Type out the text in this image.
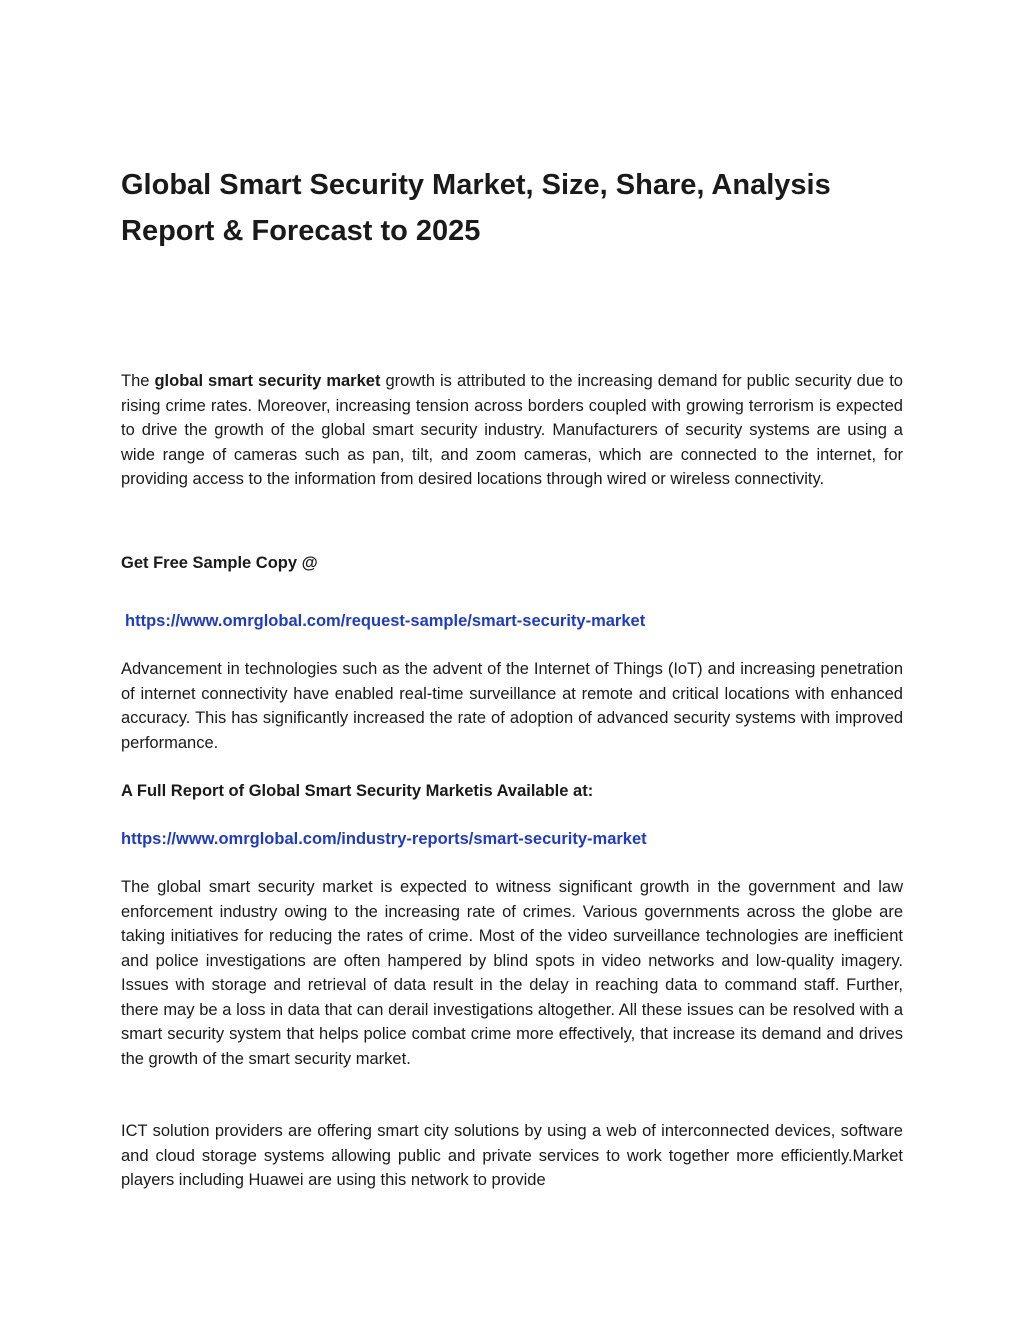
Global Smart Security Market, Size, Share, Analysis
Report & Forecast to 2025

The global smart security market growth is attributed to the increasing demand for public security due to rising crime rates. Moreover, increasing tension across borders coupled with growing terrorism is expected to drive the growth of the global smart security industry. Manufacturers of security systems are using a wide range of cameras such as pan, tilt, and zoom cameras, which are connected to the internet, for providing access to the information from desired locations through wired or wireless connectivity.

Get Free Sample Copy @

https://www.omrglobal.com/request-sample/smart-security-market

Advancement in technologies such as the advent of the Internet of Things (IoT) and increasing penetration of internet connectivity have enabled real-time surveillance at remote and critical locations with enhanced accuracy. This has significantly increased the rate of adoption of advanced security systems with improved performance.

A Full Report of Global Smart Security Marketis Available at:

https://www.omrglobal.com/industry-reports/smart-security-market

The global smart security market is expected to witness significant growth in the government and law enforcement industry owing to the increasing rate of crimes. Various governments across the globe are taking initiatives for reducing the rates of crime. Most of the video surveillance technologies are inefficient and police investigations are often hampered by blind spots in video networks and low-quality imagery. Issues with storage and retrieval of data result in the delay in reaching data to command staff. Further, there may be a loss in data that can derail investigations altogether. All these issues can be resolved with a smart security system that helps police combat crime more effectively, that increase its demand and drives the growth of the smart security market.

ICT solution providers are offering smart city solutions by using a web of interconnected devices, software and cloud storage systems allowing public and private services to work together more efficiently.Market players including Huawei are using this network to provide
